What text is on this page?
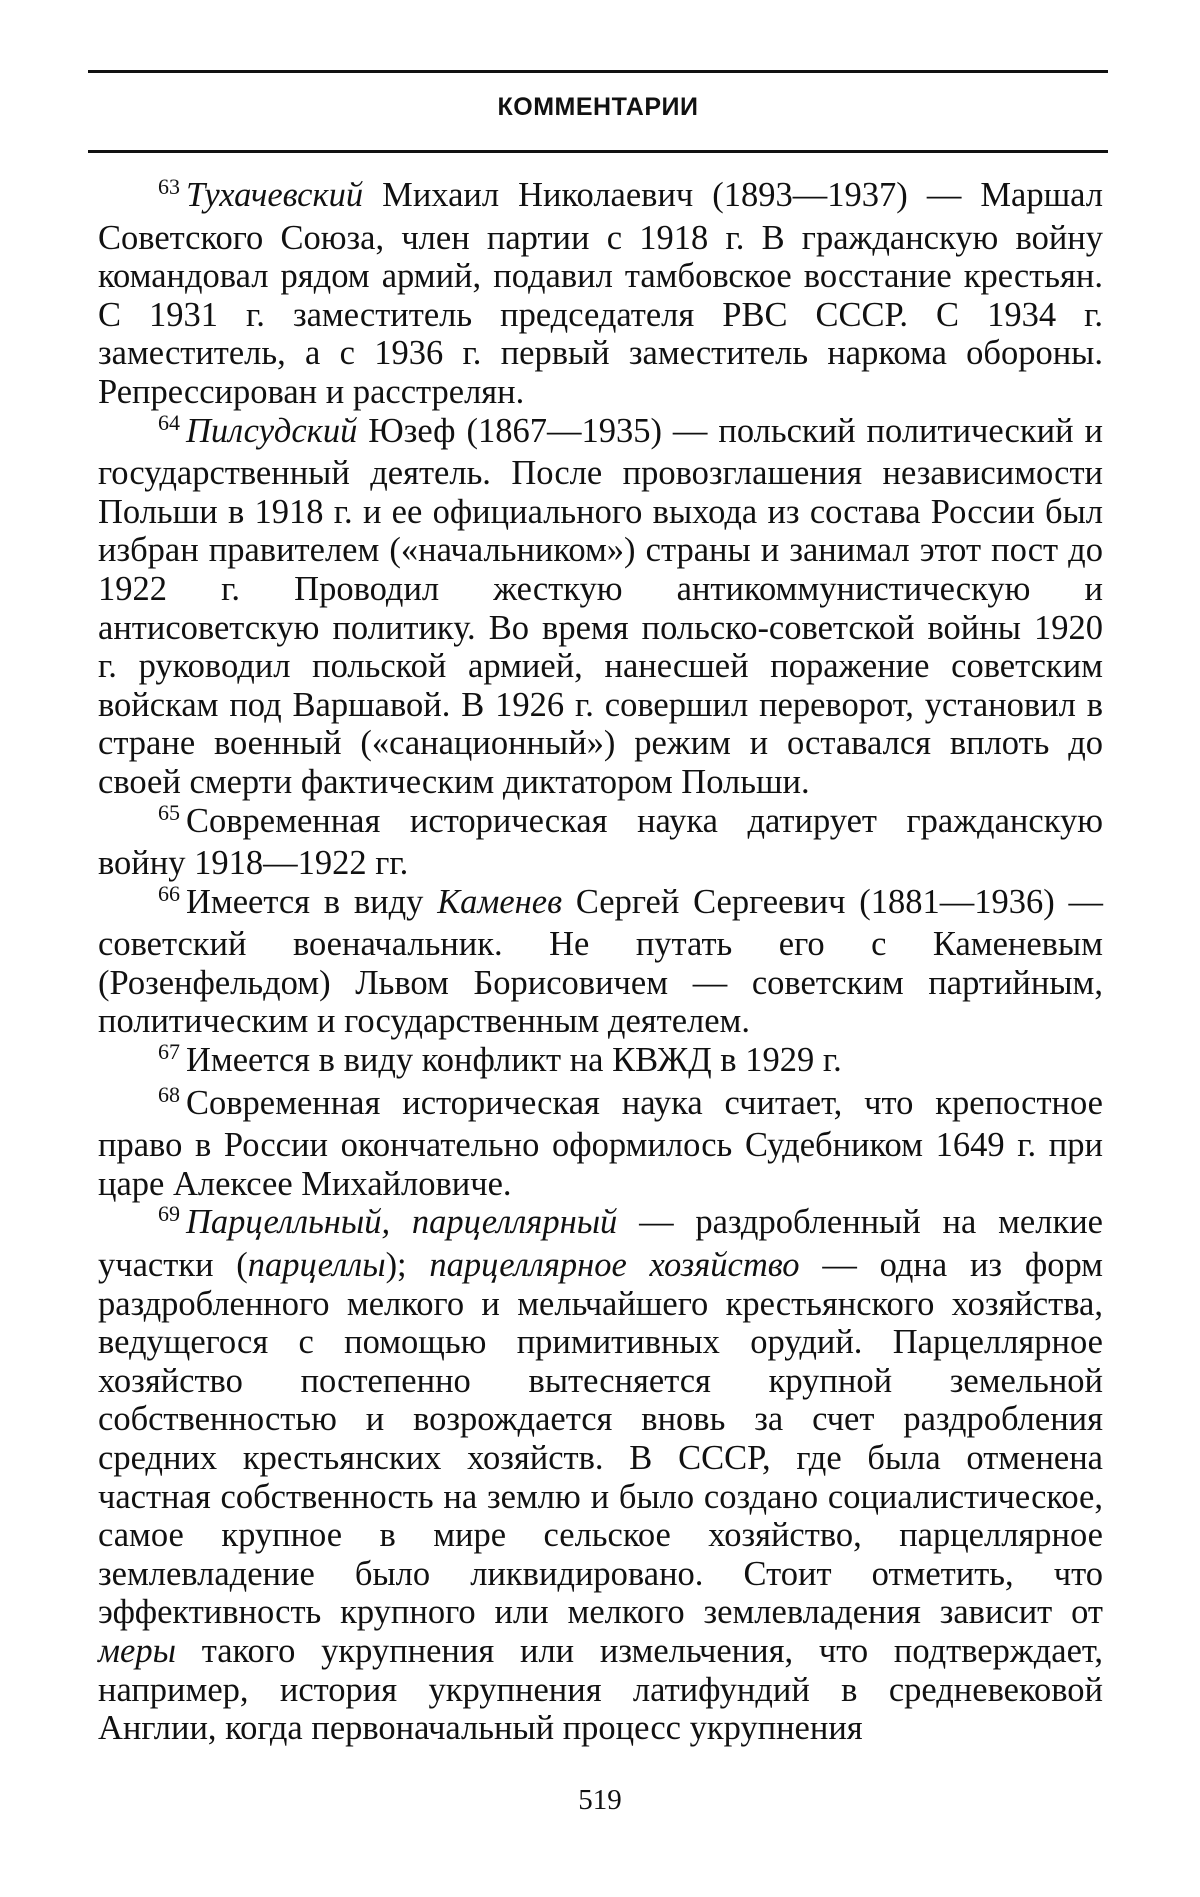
КОММЕНТАРИИ

$^{63}$ Тухачевский Михаил Николаевич (1893—1937) — Маршал Советского Союза, член партии с 1918 г. В гражданскую войну командовал рядом армий, подавил тамбовское восстание крестьян. С 1931 г. заместитель председателя РВС СССР. С 1934 г. заместитель, а с 1936 г. первый заместитель наркома обороны. Репрессирован и расстрелян.

$^{64}$ Пилсудский Юзеф (1867—1935) — польский политический и государственный деятель. После провозглашения независимости Польши в 1918 г. и ее официального выхода из состава России был избран правителем («начальником») страны и занимал этот пост до 1922 г. Проводил жесткую антикоммунистическую и антисоветскую политику. Во время польско-советской войны 1920 г. руководил польской армией, нанесшей поражение советским войскам под Варшавой. В 1926 г. совершил переворот, установил в стране военный («санационный») режим и оставался вплоть до своей смерти фактическим диктатором Польши.

$^{65}$ Современная историческая наука датирует гражданскую войну 1918—1922 гг.

$^{66}$ Имеется в виду Каменев Сергей Сергеевич (1881—1936) — советский военачальник. Не путать его с Каменевым (Розенфельдом) Львом Борисовичем — советским партийным, политическим и государственным деятелем.

$^{67}$ Имеется в виду конфликт на КВЖД в 1929 г.

$^{68}$ Современная историческая наука считает, что крепостное право в России окончательно оформилось Судебником 1649 г. при царе Алексее Михайловиче.

$^{69}$ Парцелльный, парцеллярный — раздробленный на мелкие участки (парцеллы); парцеллярное хозяйство — одна из форм раздробленного мелкого и мельчайшего крестьянского хозяйства, ведущегося с помощью примитивных орудий. Парцеллярное хозяйство постепенно вытесняется крупной земельной собственностью и возрождается вновь за счет раздробления средних крестьянских хозяйств. В СССР, где была отменена частная собственность на землю и было создано социалистическое, самое крупное в мире сельское хозяйство, парцеллярное землевладение было ликвидировано. Стоит отметить, что эффективность крупного или мелкого землевладения зависит от меры такого укрупнения или измельчения, что подтверждает, например, история укрупнения латифундий в средневековой Англии, когда первоначальный процесс укрупнения

519
